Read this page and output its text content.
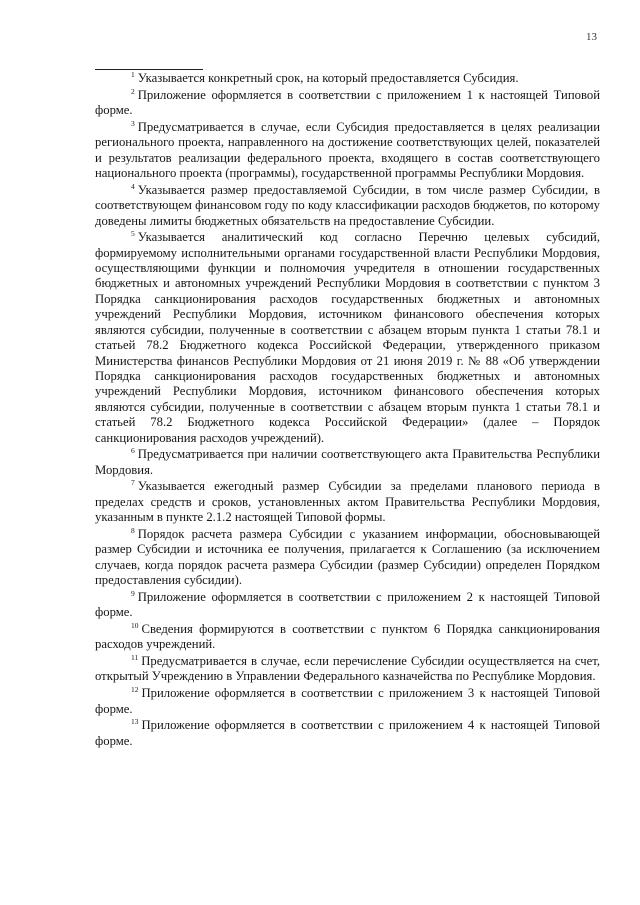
13

$^1$ Указывается конкретный срок, на который предоставляется Субсидия.

$^2$ Приложение оформляется в соответствии с приложением 1 к настоящей Типовой форме.

$^3$ Предусматривается в случае, если Субсидия предоставляется в целях реализации регионального проекта, направленного на достижение соответствующих целей, показателей и результатов реализации федерального проекта, входящего в состав соответствующего национального проекта (программы), государственной программы Республики Мордовия.

$^4$ Указывается размер предоставляемой Субсидии, в том числе размер Субсидии, в соответствующем финансовом году по коду классификации расходов бюджетов, по которому доведены лимиты бюджетных обязательств на предоставление Субсидии.

$^5$ Указывается аналитический код согласно Перечню целевых субсидий, формируемому исполнительными органами государственной власти Республики Мордовия, осуществляющими функции и полномочия учредителя в отношении государственных бюджетных и автономных учреждений Республики Мордовия в соответствии с пунктом 3 Порядка санкционирования расходов государственных бюджетных и автономных учреждений Республики Мордовия, источником финансового обеспечения которых являются субсидии, полученные в соответствии с абзацем вторым пункта 1 статьи 78.1 и статьей 78.2 Бюджетного кодекса Российской Федерации, утвержденного приказом Министерства финансов Республики Мордовия от 21 июня 2019 г. № 88 «Об утверждении Порядка санкционирования расходов государственных бюджетных и автономных учреждений Республики Мордовия, источником финансового обеспечения которых являются субсидии, полученные в соответствии с абзацем вторым пункта 1 статьи 78.1 и статьей 78.2 Бюджетного кодекса Российской Федерации» (далее – Порядок санкционирования расходов учреждений).

$^6$ Предусматривается при наличии соответствующего акта Правительства Республики Мордовия.

$^7$ Указывается ежегодный размер Субсидии за пределами планового периода в пределах средств и сроков, установленных актом Правительства Республики Мордовия, указанным в пункте 2.1.2 настоящей Типовой формы.

$^8$ Порядок расчета размера Субсидии с указанием информации, обосновывающей размер Субсидии и источника ее получения, прилагается к Соглашению (за исключением случаев, когда порядок расчета размера Субсидии (размер Субсидии) определен Порядком предоставления субсидии).

$^9$ Приложение оформляется в соответствии с приложением 2 к настоящей Типовой форме.

$^{10}$ Сведения формируются в соответствии с пунктом 6 Порядка санкционирования расходов учреждений.

$^{11}$ Предусматривается в случае, если перечисление Субсидии осуществляется на счет, открытый Учреждению в Управлении Федерального казначейства по Республике Мордовия.

$^{12}$ Приложение оформляется в соответствии с приложением 3 к настоящей Типовой форме.

$^{13}$ Приложение оформляется в соответствии с приложением 4 к настоящей Типовой форме.
